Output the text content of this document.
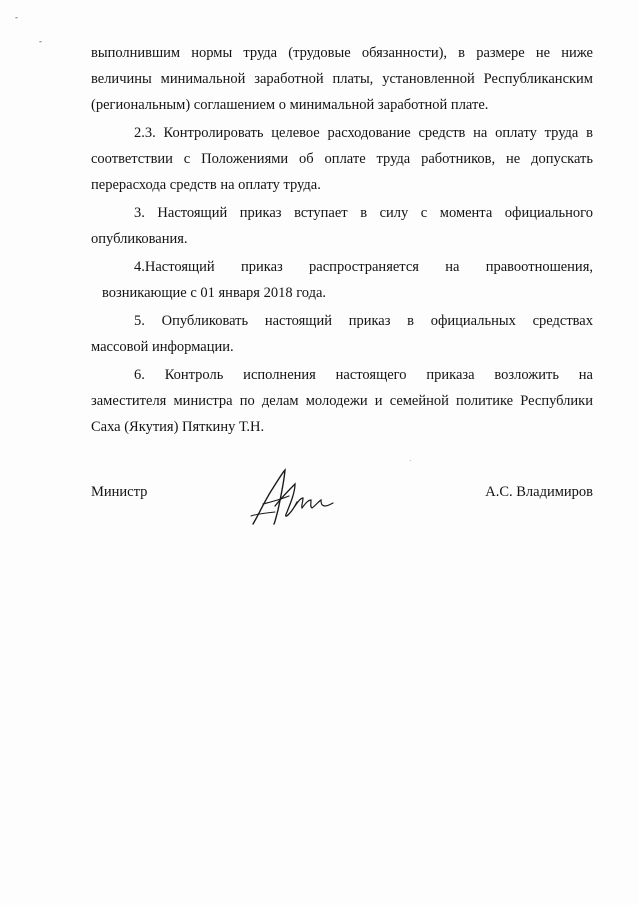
-
-
.

выполнившим нормы труда (трудовые обязанности), в размере не ниже
величины минимальной заработной платы, установленной Республиканским
(региональным) соглашением о минимальной заработной плате.

2.3. Контролировать целевое расходование средств на оплату труда в
соответствии с Положениями об оплате труда работников, не допускать
перерасхода средств на оплату труда.

3. Настоящий приказ вступает в силу с момента официального
опубликования.

4.Настоящий приказ распространяется на правоотношения,
возникающие с 01 января 2018 года.

5. Опубликовать настоящий приказ в официальных средствах
массовой информации.

6. Контроль исполнения настоящего приказа возложить на
заместителя министра по делам молодежи и семейной политике Республики
Саха (Якутия) Пяткину Т.Н.

Министр	А.С. Владимиров
